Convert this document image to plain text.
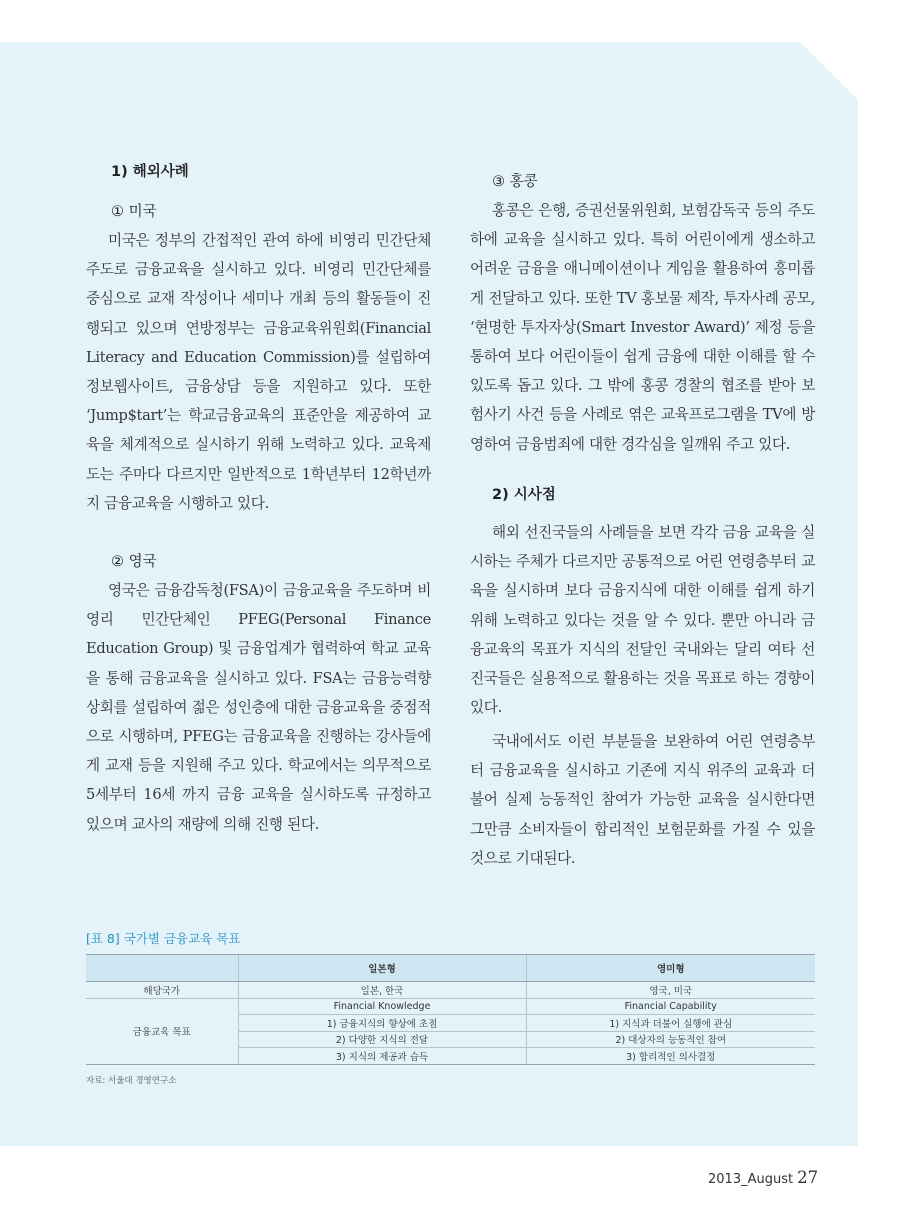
1) 해외사례
① 미국

미국은 정부의 간접적인 관여 하에 비영리 민간단체 주도로 금융교육을 실시하고 있다. 비영리 민간단체를 중심으로 교재 작성이나 세미나 개최 등의 활동들이 진행되고 있으며 연방정부는 금융교육위원회(Financial Literacy and Education Commission)를 설립하여 정보웹사이트, 금융상담 등을 지원하고 있다. 또한 ‘Jump$tart’는 학교금융교육의 표준안을 제공하여 교육을 체계적으로 실시하기 위해 노력하고 있다. 교육제도는 주마다 다르지만 일반적으로 1학년부터 12학년까지 금융교육을 시행하고 있다.

② 영국

영국은 금융감독청(FSA)이 금융교육을 주도하며 비영리 민간단체인 PFEG(Personal Finance Education Group) 및 금융업계가 협력하여 학교 교육을 통해 금융교육을 실시하고 있다. FSA는 금융능력향상회를 설립하여 젊은 성인층에 대한 금융교육을 중점적으로 시행하며, PFEG는 금융교육을 진행하는 강사들에게 교재 등을 지원해 주고 있다. 학교에서는 의무적으로 5세부터 16세 까지 금융 교육을 실시하도록 규정하고 있으며 교사의 재량에 의해 진행 된다.

③ 홍콩

홍콩은 은행, 증권선물위원회, 보험감독국 등의 주도하에 교육을 실시하고 있다. 특히 어린이에게 생소하고 어려운 금융을 애니메이션이나 게임을 활용하여 흥미롭게 전달하고 있다. 또한 TV 홍보물 제작, 투자사례 공모, ‘현명한 투자자상(Smart Investor Award)’ 제정 등을 통하여 보다 어린이들이 쉽게 금융에 대한 이해를 할 수 있도록 돕고 있다. 그 밖에 홍콩 경찰의 협조를 받아 보험사기 사건 등을 사례로 엮은 교육프로그램을 TV에 방영하여 금융범죄에 대한 경각심을 일깨워 주고 있다.

2) 시사점

해외 선진국들의 사례들을 보면 각각 금융 교육을 실시하는 주체가 다르지만 공통적으로 어린 연령층부터 교육을 실시하며 보다 금융지식에 대한 이해를 쉽게 하기 위해 노력하고 있다는 것을 알 수 있다. 뿐만 아니라 금융교육의 목표가 지식의 전달인 국내와는 달리 여타 선진국들은 실용적으로 활용하는 것을 목표로 하는 경향이 있다.

국내에서도 이런 부분들을 보완하여 어린 연령층부터 금융교육을 실시하고 기존에 지식 위주의 교육과 더불어 실제 능동적인 참여가 가능한 교육을 실시한다면 그만큼 소비자들이 합리적인 보험문화를 가질 수 있을 것으로 기대된다.

[표 8] 국가별 금융교육 목표
	일본형	영미형
해당국가	일본, 한국	영국, 미국
금융교육 목표	Financial Knowledge	Financial Capability
	1) 금융지식의 향상에 초점	1) 지식과 더불어 실행에 관심
	2) 다양한 지식의 전달	2) 대상자의 능동적인 참여
	3) 지식의 제공과 습득	3) 합리적인 의사결정
자료: 서울대 경영연구소
2013_August 27
